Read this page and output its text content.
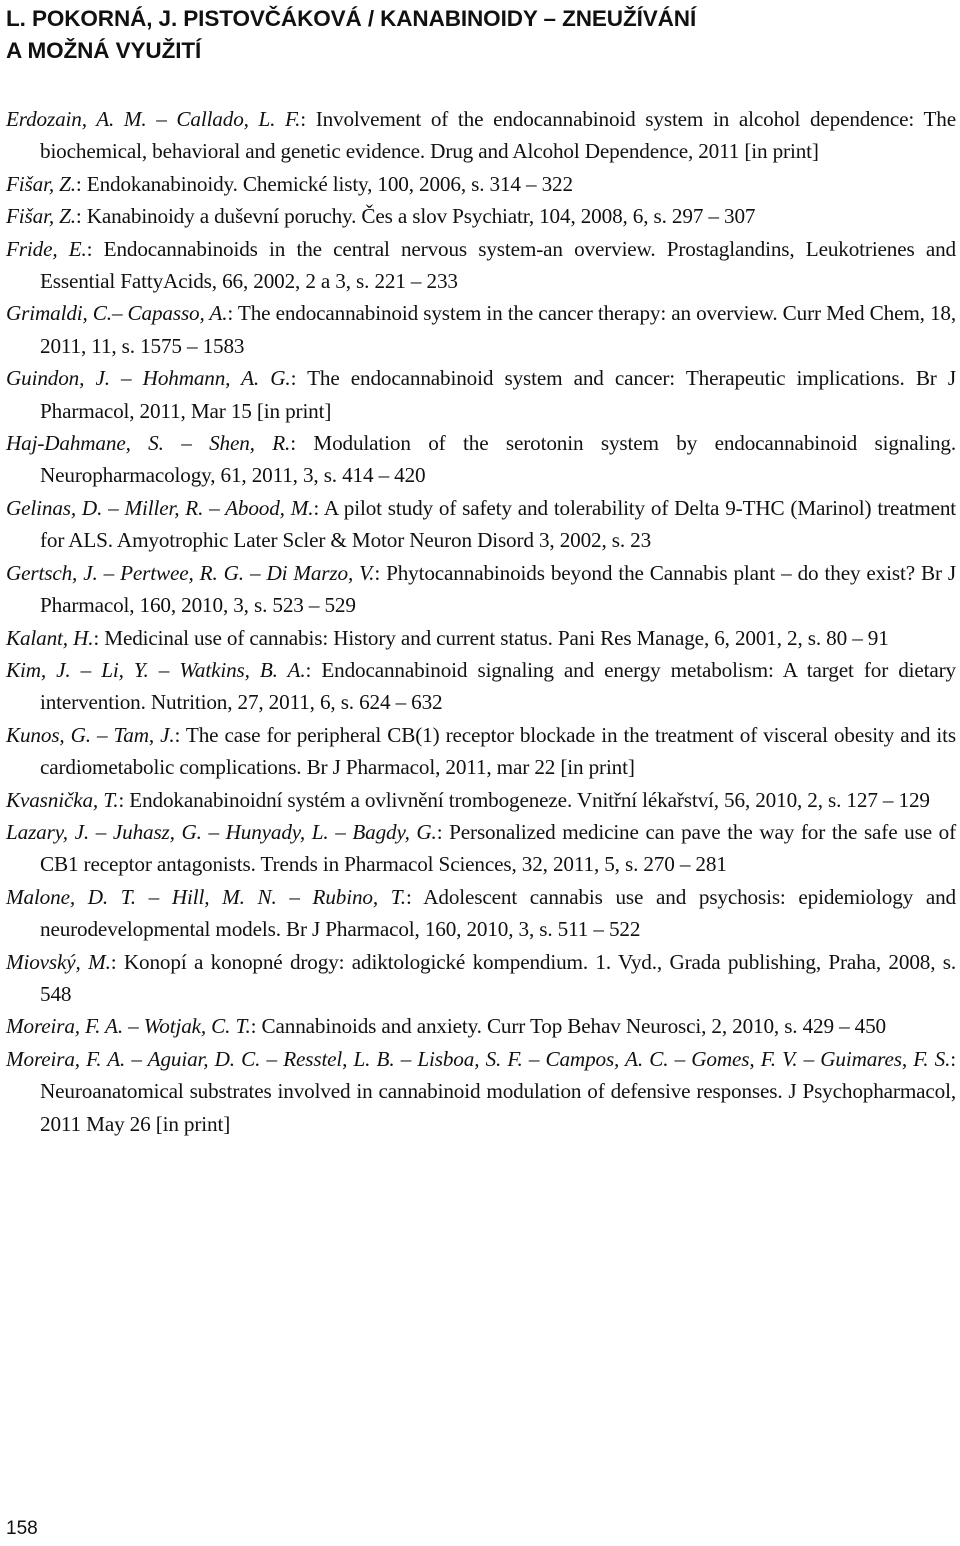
L. POKORNÁ, J. PISTOVČÁKOVÁ / KANABINOIDY – ZNEUŽÍVÁNÍ
A MOŽNÁ VYUŽITÍ

Erdozain, A. M. – Callado, L. F.: Involvement of the endocannabinoid system in alcohol dependence: The biochemical, behavioral and genetic evidence. Drug and Alcohol Dependence, 2011 [in print]

Fišar, Z.: Endokanabinoidy. Chemické listy, 100, 2006, s. 314 – 322

Fišar, Z.: Kanabinoidy a duševní poruchy. Čes a slov Psychiatr, 104, 2008, 6, s. 297 – 307

Fride, E.: Endocannabinoids in the central nervous system-an overview. Prostaglandins, Leukotrienes and Essential FattyAcids, 66, 2002, 2 a 3, s. 221 – 233

Grimaldi, C.– Capasso, A.: The endocannabinoid system in the cancer therapy: an overview. Curr Med Chem, 18, 2011, 11, s. 1575 – 1583

Guindon, J. – Hohmann, A. G.: The endocannabinoid system and cancer: Therapeutic implications. Br J Pharmacol, 2011, Mar 15 [in print]

Haj-Dahmane, S. – Shen, R.: Modulation of the serotonin system by endocannabinoid signaling. Neuropharmacology, 61, 2011, 3, s. 414 – 420

Gelinas, D. – Miller, R. – Abood, M.: A pilot study of safety and tolerability of Delta 9-THC (Marinol) treatment for ALS. Amyotrophic Later Scler & Motor Neuron Disord 3, 2002, s. 23

Gertsch, J. – Pertwee, R. G. – Di Marzo, V.: Phytocannabinoids beyond the Cannabis plant – do they exist? Br J Pharmacol, 160, 2010, 3, s. 523 – 529

Kalant, H.: Medicinal use of cannabis: History and current status. Pani Res Manage, 6, 2001, 2, s. 80 – 91

Kim, J. – Li, Y. – Watkins, B. A.: Endocannabinoid signaling and energy metabolism: A target for dietary intervention. Nutrition, 27, 2011, 6, s. 624 – 632

Kunos, G. – Tam, J.: The case for peripheral CB(1) receptor blockade in the treatment of visceral obesity and its cardiometabolic complications. Br J Pharmacol, 2011, mar 22 [in print]

Kvasnička, T.: Endokanabinoidní systém a ovlivnění trombogeneze. Vnitřní lékařství, 56, 2010, 2, s. 127 – 129

Lazary, J. – Juhasz, G. – Hunyady, L. – Bagdy, G.: Personalized medicine can pave the way for the safe use of CB1 receptor antagonists. Trends in Pharmacol Sciences, 32, 2011, 5, s. 270 – 281

Malone, D. T. – Hill, M. N. – Rubino, T.: Adolescent cannabis use and psychosis: epidemiology and neurodevelopmental models. Br J Pharmacol, 160, 2010, 3, s. 511 – 522

Miovský, M.: Konopí a konopné drogy: adiktologické kompendium. 1. Vyd., Grada publishing, Praha, 2008, s. 548

Moreira, F. A. – Wotjak, C. T.: Cannabinoids and anxiety. Curr Top Behav Neurosci, 2, 2010, s. 429 – 450

Moreira, F. A. – Aguiar, D. C. – Resstel, L. B. – Lisboa, S. F. – Campos, A. C. – Gomes, F. V. – Guimares, F. S.: Neuroanatomical substrates involved in cannabinoid modulation of defensive responses. J Psychopharmacol, 2011 May 26 [in print]

158
